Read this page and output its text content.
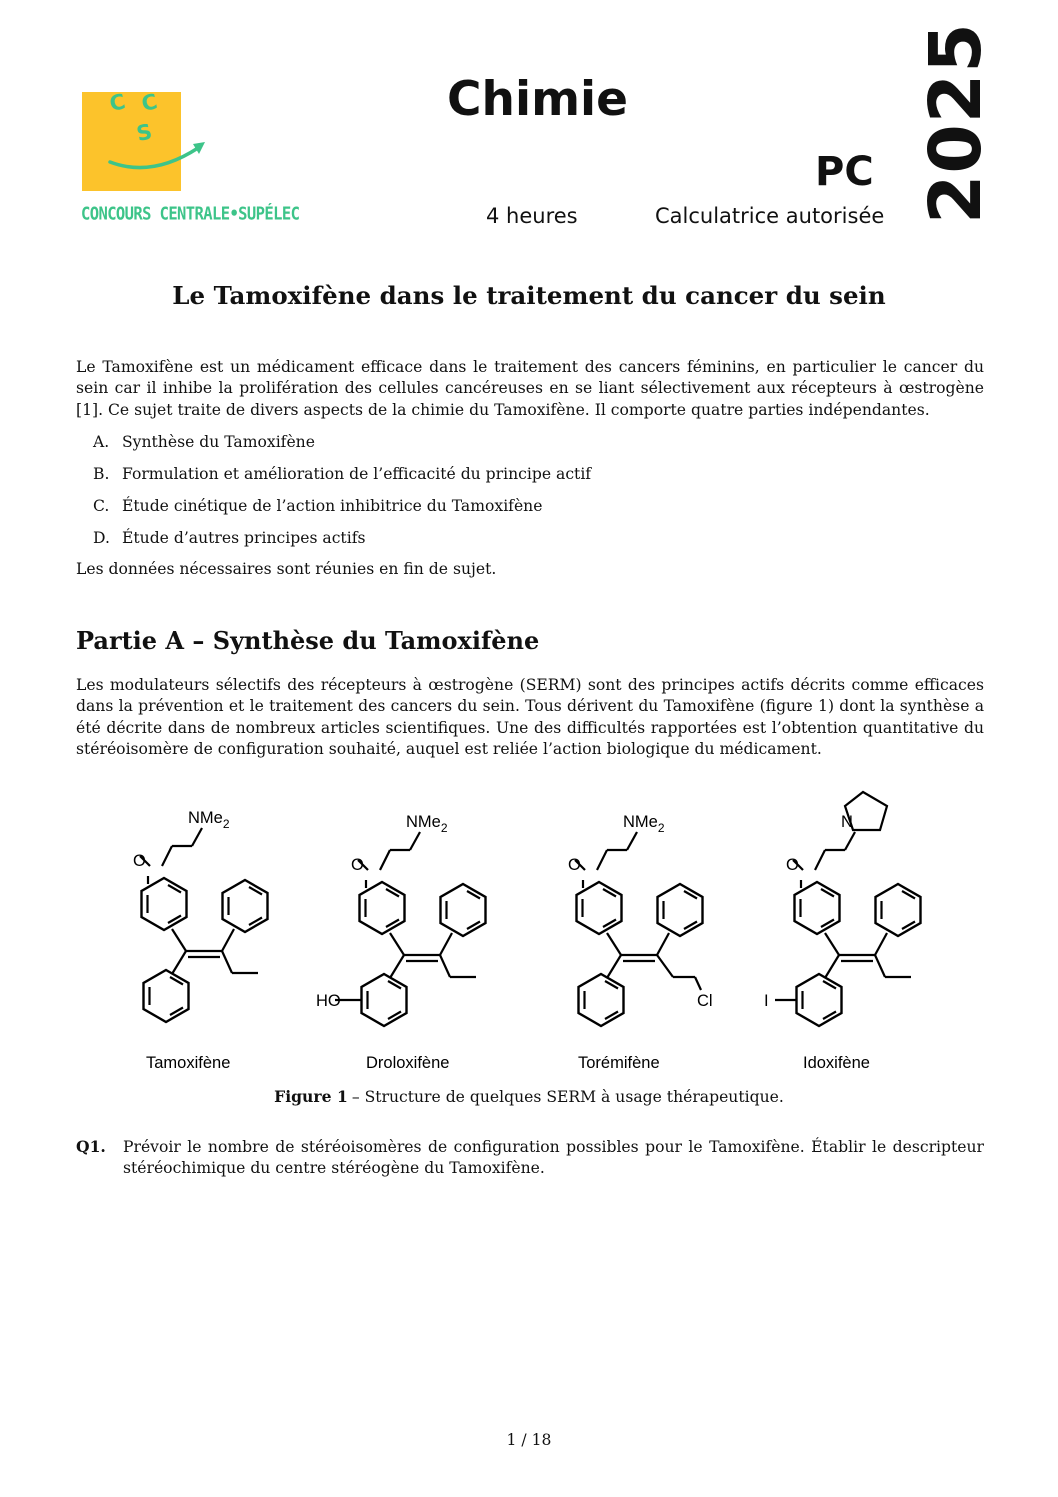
C C
S
CONCOURS CENTRALE•SUPÉLEC
Chimie
PC
4 heures	Calculatrice autorisée 2025
Le Tamoxifène dans le traitement du cancer du sein
Le Tamoxifène est un médicament efficace dans le traitement des cancers féminins, en particulier le cancer du sein car il inhibe la prolifération des cellules cancéreuses en se liant sélectivement aux récepteurs à œstrogène [1]. Ce sujet traite de divers aspects de la chimie du Tamoxifène. Il comporte quatre parties indépendantes.
A. Synthèse du Tamoxifène
B. Formulation et amélioration de l’efficacité du principe actif
C. Étude cinétique de l’action inhibitrice du Tamoxifène
D. Étude d’autres principes actifs
Les données nécessaires sont réunies en fin de sujet.
Partie A – Synthèse du Tamoxifène
Les modulateurs sélectifs des récepteurs à œstrogène (SERM) sont des principes actifs décrits comme efficaces dans la prévention et le traitement des cancers du sein. Tous dérivent du Tamoxifène (figure 1) dont la synthèse a été décrite dans de nombreux articles scientifiques. Une des difficultés rapportées est l’obtention quantitative du stéréoisomère de configuration souhaité, auquel est reliée l’action biologique du médicament.
O
NMe$_2$
Tamoxifène
O
NMe$_2$
HO
Droloxifène
O
NMe$_2$
Cl
Torémifène
O
N
I
Idoxifène
Figure 1 – Structure de quelques SERM à usage thérapeutique.
Q1. Prévoir le nombre de stéréoisomères de configuration possibles pour le Tamoxifène. Établir le descripteur stéréochimique du centre stéréogène du Tamoxifène.
1 / 18
